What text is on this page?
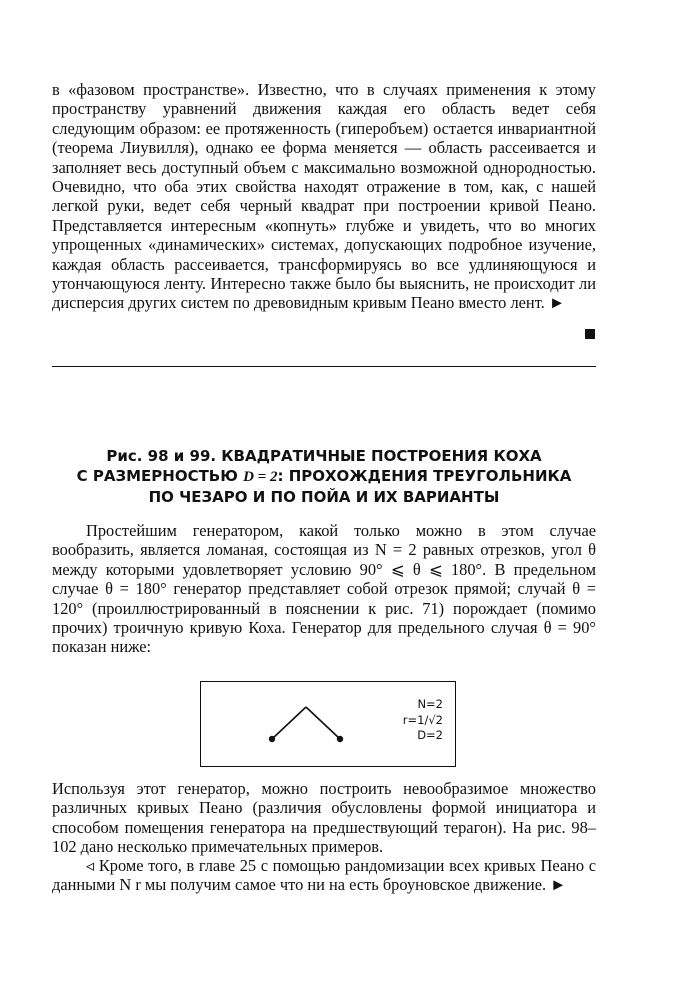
в «фазовом пространстве». Известно, что в случаях применения к этому пространству уравнений движения каждая его область ведет себя следующим образом: ее протяженность (гиперобъем) остается инвариантной (теорема Лиувилля), однако ее форма меняется — область рассеивается и заполняет весь доступный объем с максимально возможной однородностью. Очевидно, что оба этих свойства находят отражение в том, как, с нашей легкой руки, ведет себя черный квадрат при построении кривой Пеано. Представляется интересным «копнуть» глубже и увидеть, что во многих упрощенных «динамических» системах, допускающих подробное изучение, каждая область рассеивается, трансформируясь во все удлиняющуюся и утончающуюся ленту. Интересно также было бы выяснить, не происходит ли дисперсия других систем по древовидным кривым Пеано вместо лент. ►
Рис. 98 и 99. КВАДРАТИЧНЫЕ ПОСТРОЕНИЯ КОХА
С РАЗМЕРНОСТЬЮ D = 2: ПРОХОЖДЕНИЯ ТРЕУГОЛЬНИКА
ПО ЧЕЗАРО И ПО ПОЙА И ИХ ВАРИАНТЫ
Простейшим генератором, какой только можно в этом случае вообразить, является ломаная, состоящая из N = 2 равных отрезков, угол θ между которыми удовлетворяет условию 90° ⩽ θ ⩽ 180°. В предельном случае θ = 180° генератор представляет собой отрезок прямой; случай θ = 120° (проиллюстрированный в пояснении к рис. 71) порождает (помимо прочих) троичную кривую Коха. Генератор для предельного случая θ = 90° показан ниже:
N=2
r=1/√2
D=2
Используя этот генератор, можно построить невообразимое множество различных кривых Пеано (различия обусловлены формой инициатора и способом помещения генератора на предшествующий терагон). На рис. 98–102 дано несколько примечательных примеров.
◃ Кроме того, в главе 25 с помощью рандомизации всех кривых Пеано с данными N r мы получим самое что ни на есть броуновское движение. ►
